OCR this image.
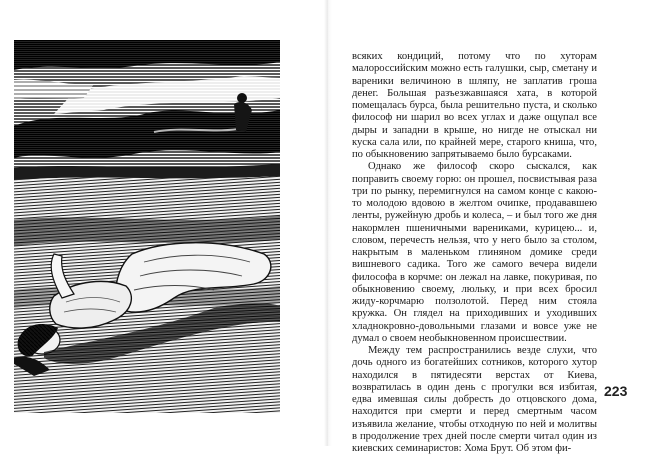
всяких кондиций, потому что по хуторам малороссийским можно есть галушки, сыр, сметану и вареники величиною в шляпу, не заплатив гроша денег. Большая разъезжавшаяся хата, в которой помещалась бурса, была решительно пуста, и сколько философ ни шарил во всех углах и даже ощупал все дыры и западни в крыше, но нигде не отыскал ни куска сала или, по крайней мере, старого книша, что, по обыкновению запрятываемо было бурсаками.

Однако же философ скоро сыскался, как поправить своему горю: он прошел, посвистывая раза три по рынку, перемигнулся на самом конце с какою-то молодою вдовою в желтом очипке, продававшею ленты, ружейную дробь и колеса, – и был того же дня накормлен пшеничными варениками, курицею... и, словом, перечесть нельзя, что у него было за столом, накрытым в маленьком глиняном домике среди вишневого садика. Того же самого вечера видели философа в корчме: он лежал на лавке, покуривая, по обыкновению своему, люльку, и при всех бросил жиду-корчмарю ползолотой. Перед ним стояла кружка. Он глядел на приходивших и уходивших хладнокровно-довольными глазами и вовсе уже не думал о своем необыкновенном происшествии.

Между тем распространились везде слухи, что дочь одного из богатейших сотников, которого хутор находился в пятидесяти верстах от Киева, возвратилась в один день с прогулки вся избитая, едва имевшая силы добресть до отцовского дома, находится при смерти и перед смертным часом изъявила желание, чтобы отходную по ней и молитвы в продолжение трех дней после смерти читал один из киевских семинаристов: Хома Брут. Об этом фи-

223
